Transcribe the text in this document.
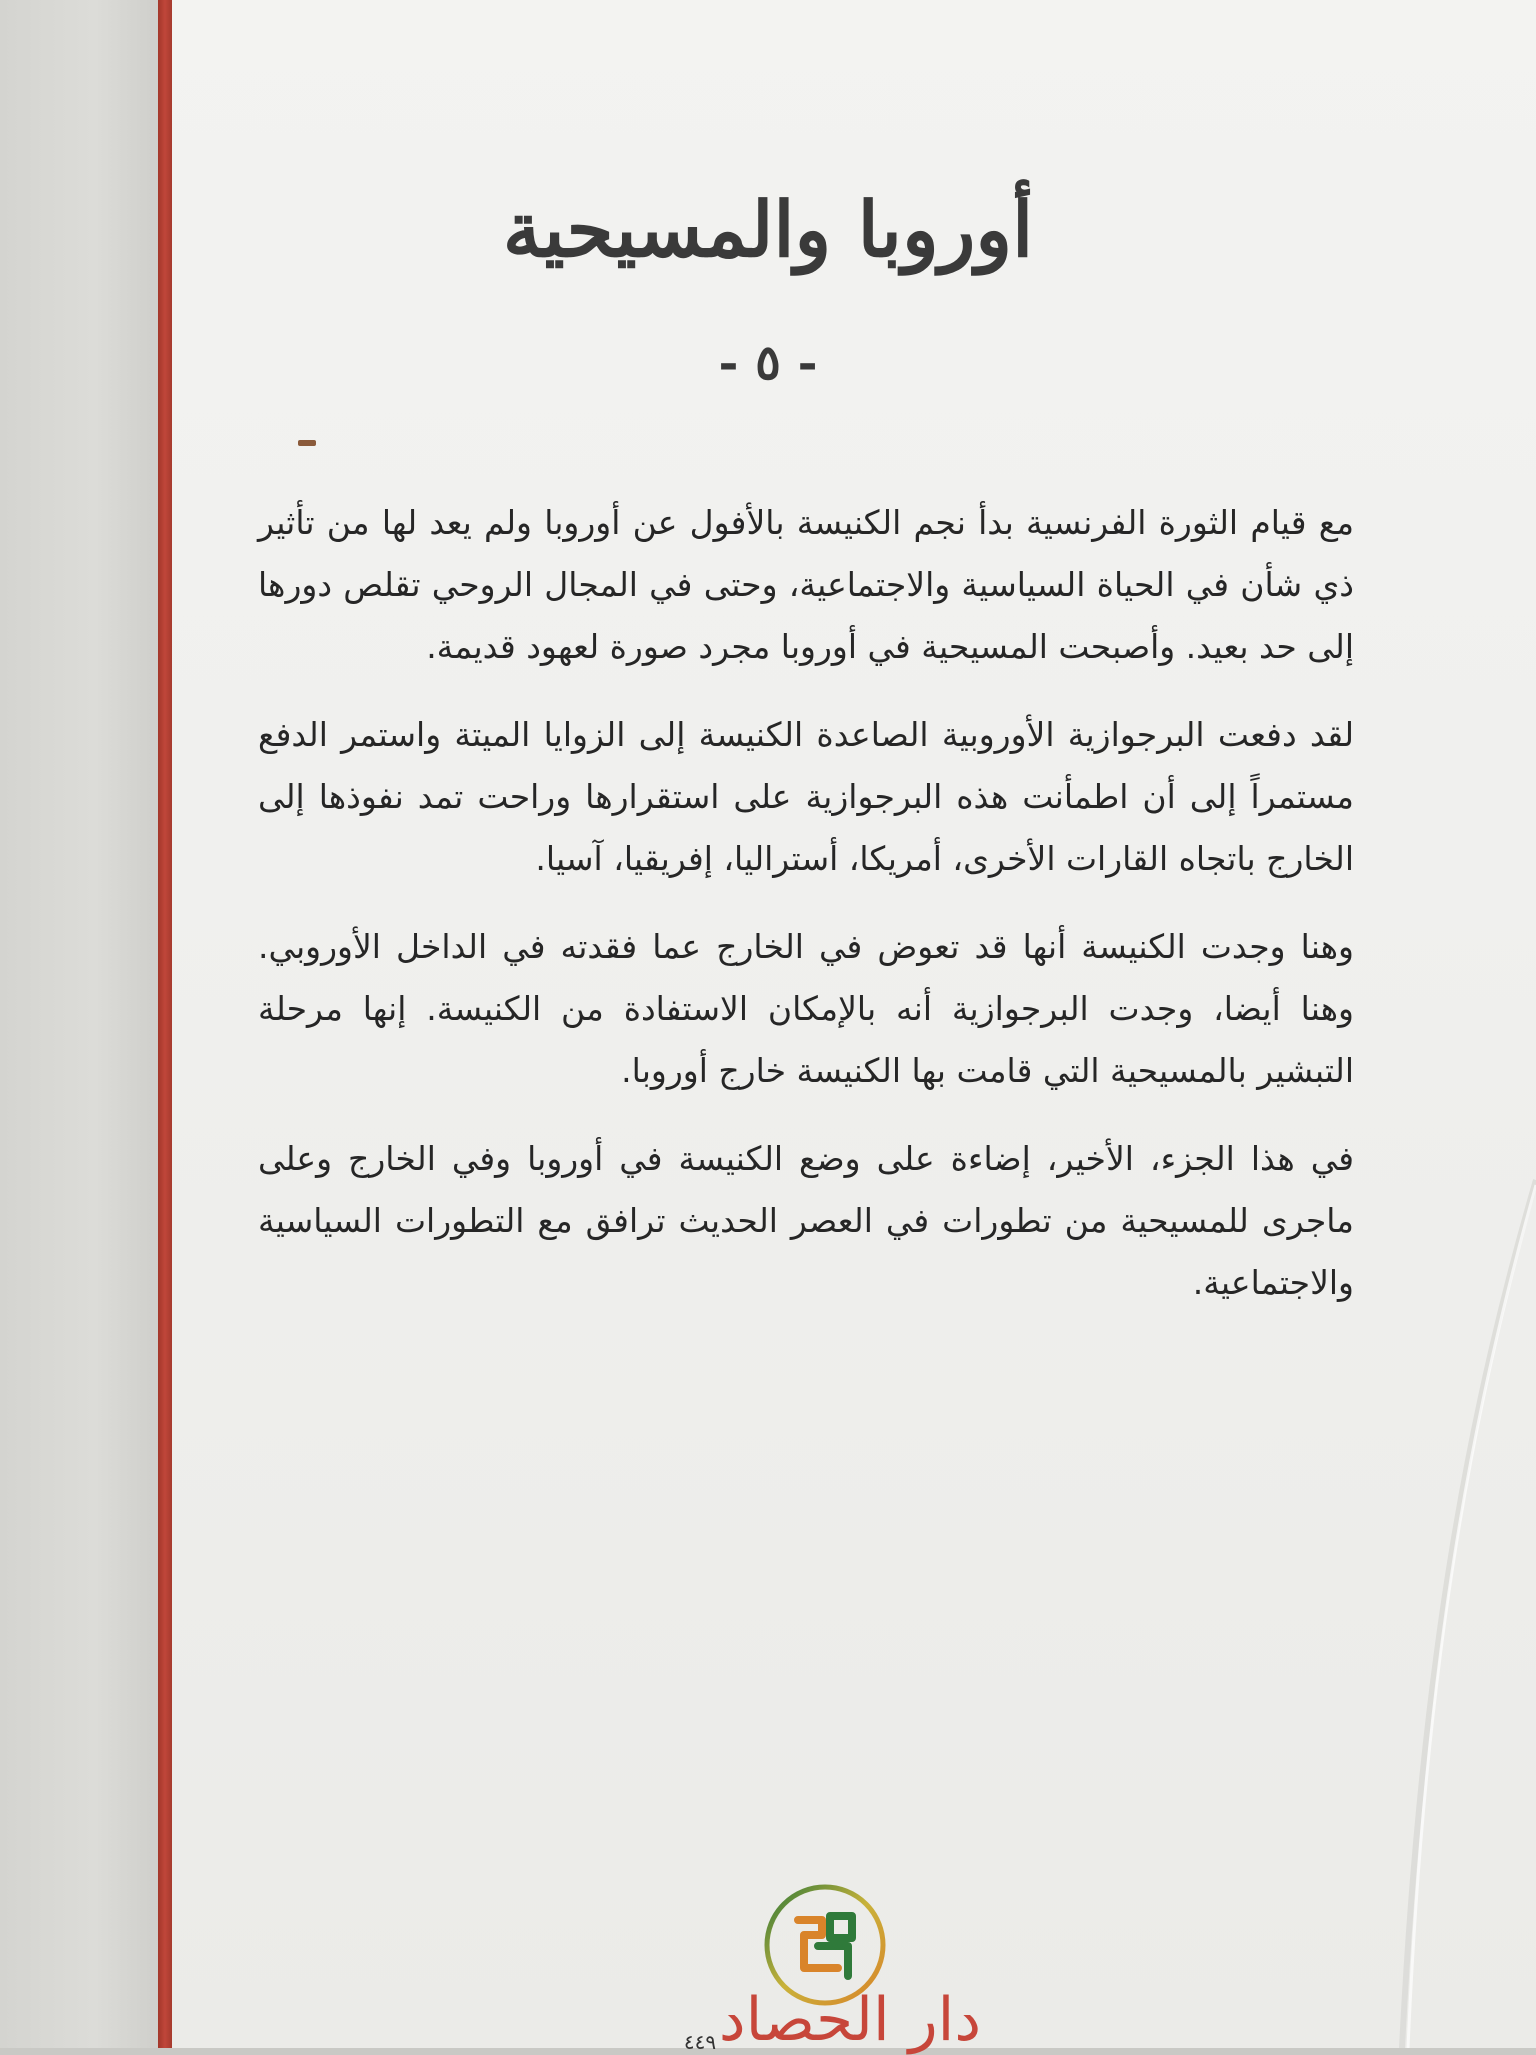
أوروبا والمسيحية
- ٥ -

مع قيام الثورة الفرنسية بدأ نجم الكنيسة بالأفول عن أوروبا ولم يعد لها من تأثير ذي شأن في الحياة السياسية والاجتماعية، وحتى في المجال الروحي تقلص دورها إلى حد بعيد. وأصبحت المسيحية في أوروبا مجرد صورة لعهود قديمة.

لقد دفعت البرجوازية الأوروبية الصاعدة الكنيسة إلى الزوايا الميتة واستمر الدفع مستمراً إلى أن اطمأنت هذه البرجوازية على استقرارها وراحت تمد نفوذها إلى الخارج باتجاه القارات الأخرى، أمريكا، أستراليا، إفريقيا، آسيا.

وهنا وجدت الكنيسة أنها قد تعوض في الخارج عما فقدته في الداخل الأوروبي. وهنا أيضا، وجدت البرجوازية أنه بالإمكان الاستفادة من الكنيسة. إنها مرحلة التبشير بالمسيحية التي قامت بها الكنيسة خارج أوروبا.

في هذا الجزء، الأخير، إضاءة على وضع الكنيسة في أوروبا وفي الخارج وعلى ماجرى للمسيحية من تطورات في العصر الحديث ترافق مع التطورات السياسية والاجتماعية.

دار الحصاد
٤٤٩
